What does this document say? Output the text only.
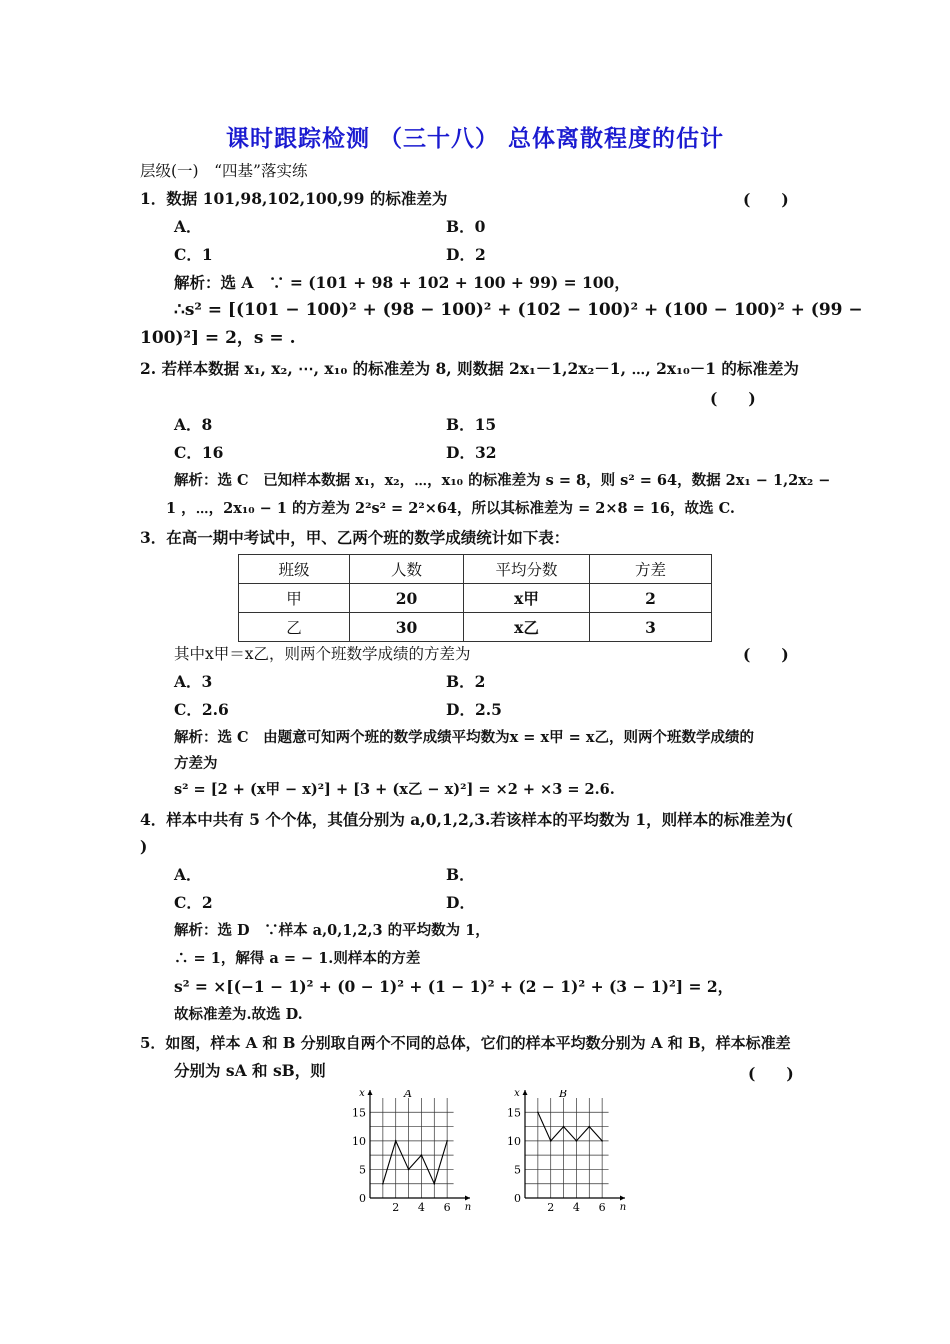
课时跟踪检测 （三十八） 总体离散程度的估计
层级(一)　“四基”落实练
1．数据 101,98,102,100,99 的标准差为	(　　)
A．	B．0
C．1	D．2
解析：选 A　∵ = (101 + 98 + 102 + 100 + 99) = 100，
∴s² = [(101 − 100)² + (98 − 100)² + (102 − 100)² + (100 − 100)² + (99 −
100)²] = 2，s = .
2. 若样本数据 x₁, x₂, ⋯, x₁₀ 的标准差为 8, 则数据 2x₁－1,2x₂－1, ⋯, 2x₁₀－1 的标准差为
(　　)
A．8	B．15
C．16	D．32
解析：选 C　已知样本数据 x₁，x₂，⋯，x₁₀ 的标准差为 s = 8，则 s² = 64，数据 2x₁ − 1,2x₂ −
1 ，⋯，2x₁₀ − 1 的方差为 2²s² = 2²×64，所以其标准差为 = 2×8 = 16，故选 C.
3．在高一期中考试中，甲、乙两个班的数学成绩统计如下表：
班级	人数	平均分数	方差
甲	20	x甲	2
乙	30	x乙	3
其中x甲＝x乙，则两个班数学成绩的方差为	(　　)
A．3	B．2
C．2.6	D．2.5
解析：选 C　由题意可知两个班的数学成绩平均数为x = x甲 = x乙，则两个班数学成绩的
方差为
s² = [2 + (x甲 − x)²] + [3 + (x乙 − x)²] = ×2 + ×3 = 2.6.
4．样本中共有 5 个个体，其值分别为 a,0,1,2,3.若该样本的平均数为 1，则样本的标准差为(
)
A．	B．
C．2	D．
解析：选 D　∵样本 a,0,1,2,3 的平均数为 1，
∴ = 1，解得 a = − 1.则样本的方差
s² = ×[(−1 − 1)² + (0 − 1)² + (1 − 1)² + (2 − 1)² + (3 − 1)²] = 2，
故标准差为.故选 D.
5．如图，样本 A 和 B 分别取自两个不同的总体，它们的样本平均数分别为 A 和 B，样本标准差
分别为 sA 和 sB，则	(　　)
x
n
A
0
5
10
15
2 4 6
x
n
B
0
5
10
15
2 4 6
